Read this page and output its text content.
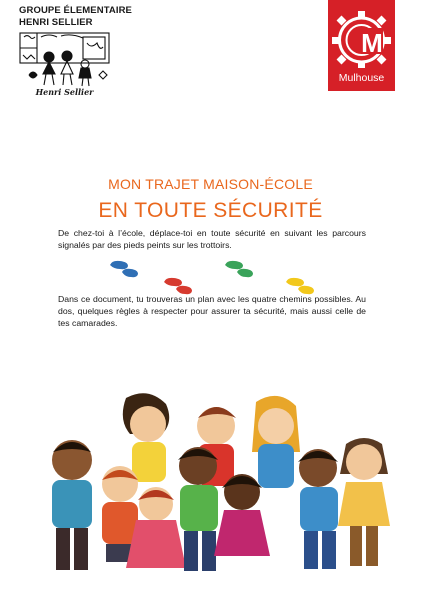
GROUPE ÉLEMENTAIRE
HENRI SELLIER
Henri Sellier
M
Mulhouse
MON TRAJET MAISON-ÉCOLE
EN TOUTE SÉCURITÉ
De chez-toi à l’école, déplace-toi en toute sécurité en suivant les parcours signalés par des pieds peints sur les trottoirs.
Dans ce document, tu trouveras un plan avec les quatre chemins possibles. Au dos, quelques règles à respecter pour assurer ta sécurité, mais aussi celle de tes camarades.
